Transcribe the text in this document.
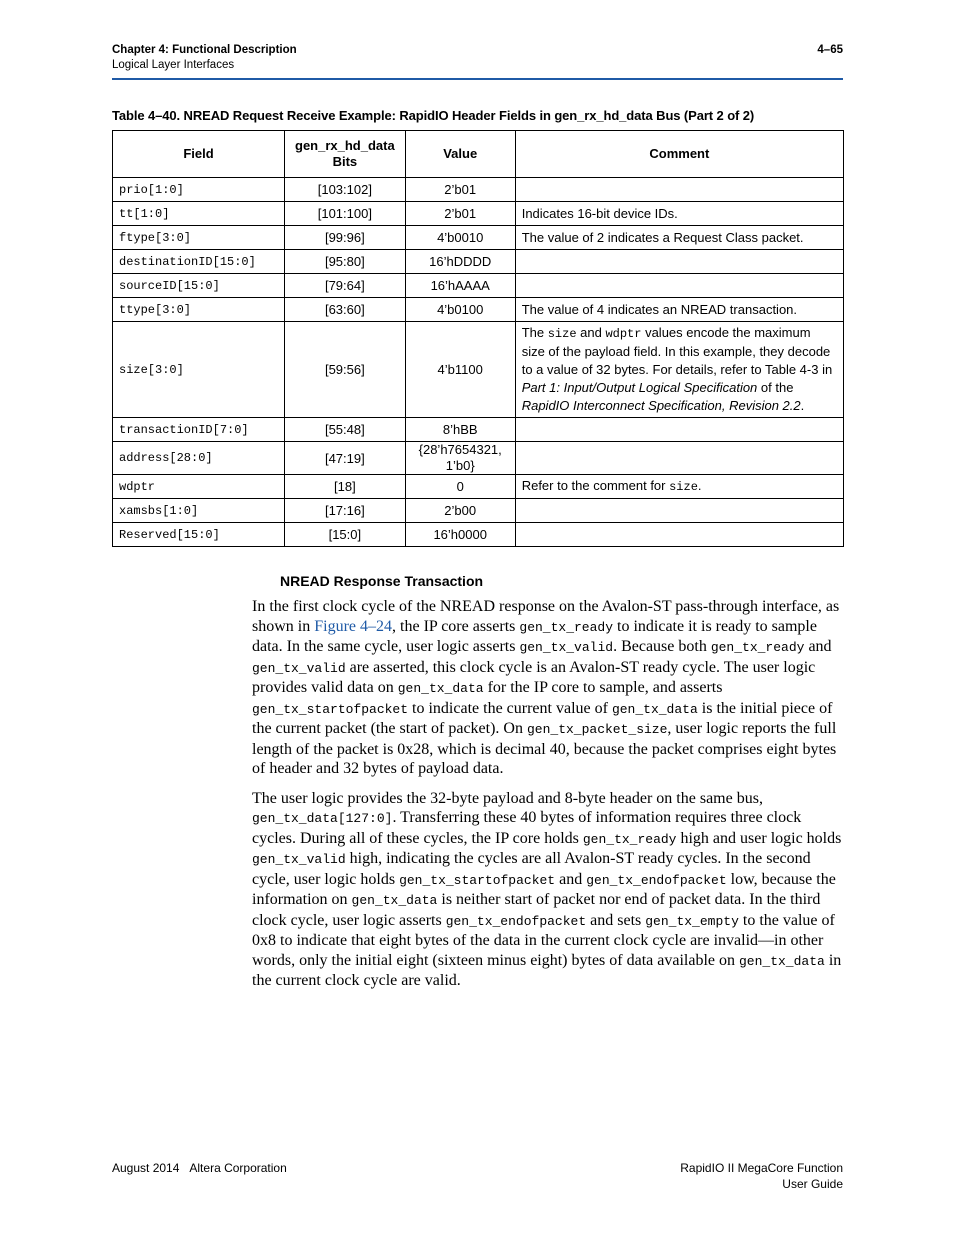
Chapter 4: Functional Description
Logical Layer Interfaces
4–65
Table 4–40. NREAD Request Receive Example: RapidIO Header Fields in gen_rx_hd_data Bus (Part 2 of 2)
Field	gen_rx_hd_data Bits	Value	Comment
prio[1:0]	[103:102]	2’b01	
tt[1:0]	[101:100]	2’b01	Indicates 16-bit device IDs.
ftype[3:0]	[99:96]	4’b0010	The value of 2 indicates a Request Class packet.
destinationID[15:0]	[95:80]	16’hDDDD	
sourceID[15:0]	[79:64]	16’hAAAA	
ttype[3:0]	[63:60]	4’b0100	The value of 4 indicates an NREAD transaction.
size[3:0]	[59:56]	4’b1100	The size and wdptr values encode the maximum size of the payload field. In this example, they decode to a value of 32 bytes. For details, refer to Table 4-3 in Part 1: Input/Output Logical Specification of the RapidIO Interconnect Specification, Revision 2.2.
transactionID[7:0]	[55:48]	8’hBB	
address[28:0]	[47:19]	{28’h7654321,
1’b0}	

wdptr	[18]	0	Refer to the comment for size.
xamsbs[1:0]	[17:16]	2’b00	
Reserved[15:0]	[15:0]	16’h0000	
NREAD Response Transaction

In the first clock cycle of the NREAD response on the Avalon-ST pass-through interface, as shown in Figure 4–24, the IP core asserts gen_tx_ready to indicate it is ready to sample data. In the same cycle, user logic asserts gen_tx_valid. Because both gen_tx_ready and gen_tx_valid are asserted, this clock cycle is an Avalon-ST ready cycle. The user logic provides valid data on gen_tx_data for the IP core to sample, and asserts gen_tx_startofpacket to indicate the current value of gen_tx_data is the initial piece of the current packet (the start of packet). On gen_tx_packet_size, user logic reports the full length of the packet is 0x28, which is decimal 40, because the packet comprises eight bytes of header and 32 bytes of payload data.

The user logic provides the 32-byte payload and 8-byte header on the same bus, gen_tx_data[127:0]. Transferring these 40 bytes of information requires three clock cycles. During all of these cycles, the IP core holds gen_tx_ready high and user logic holds gen_tx_valid high, indicating the cycles are all Avalon-ST ready cycles. In the second cycle, user logic holds gen_tx_startofpacket and gen_tx_endofpacket low, because the information on gen_tx_data is neither start of packet nor end of packet data. In the third clock cycle, user logic asserts gen_tx_endofpacket and sets gen_tx_empty to the value of 0x8 to indicate that eight bytes of the data in the current clock cycle are invalid—in other words, only the initial eight (sixteen minus eight) bytes of data available on gen_tx_data in the current clock cycle are valid.

August 2014 Altera Corporation	RapidIO II MegaCore Function
User Guide
